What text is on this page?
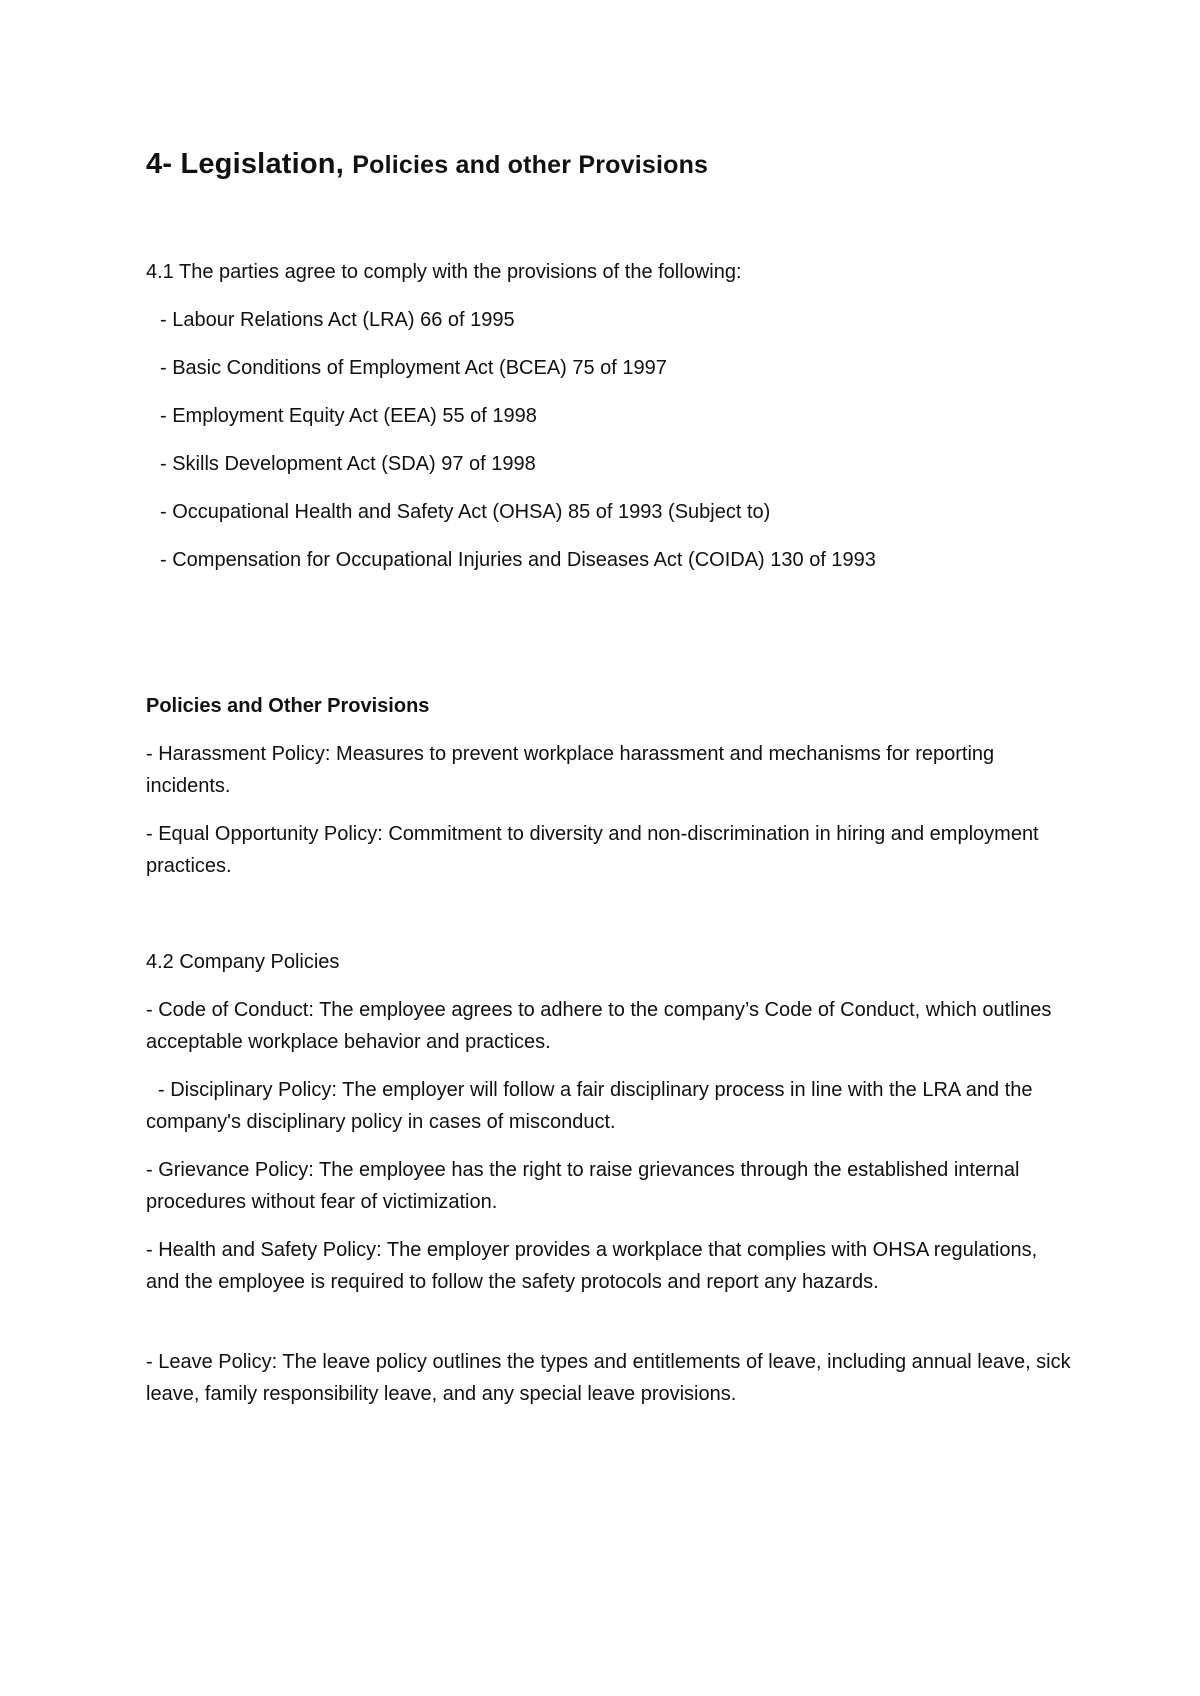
4- Legislation, Policies and other Provisions
4.1 The parties agree to comply with the provisions of the following:
- Labour Relations Act (LRA) 66 of 1995
- Basic Conditions of Employment Act (BCEA) 75 of 1997
- Employment Equity Act (EEA) 55 of 1998
- Skills Development Act (SDA) 97 of 1998
- Occupational Health and Safety Act (OHSA) 85 of 1993 (Subject to)
- Compensation for Occupational Injuries and Diseases Act (COIDA) 130 of 1993
Policies and Other Provisions
- Harassment Policy: Measures to prevent workplace harassment and mechanisms for reporting incidents.
- Equal Opportunity Policy: Commitment to diversity and non-discrimination in hiring and employment practices.
4.2 Company Policies
- Code of Conduct: The employee agrees to adhere to the company’s Code of Conduct, which outlines acceptable workplace behavior and practices.
- Disciplinary Policy: The employer will follow a fair disciplinary process in line with the LRA and the company's disciplinary policy in cases of misconduct.
- Grievance Policy: The employee has the right to raise grievances through the established internal procedures without fear of victimization.
- Health and Safety Policy: The employer provides a workplace that complies with OHSA regulations, and the employee is required to follow the safety protocols and report any hazards.
- Leave Policy: The leave policy outlines the types and entitlements of leave, including annual leave, sick leave, family responsibility leave, and any special leave provisions.
